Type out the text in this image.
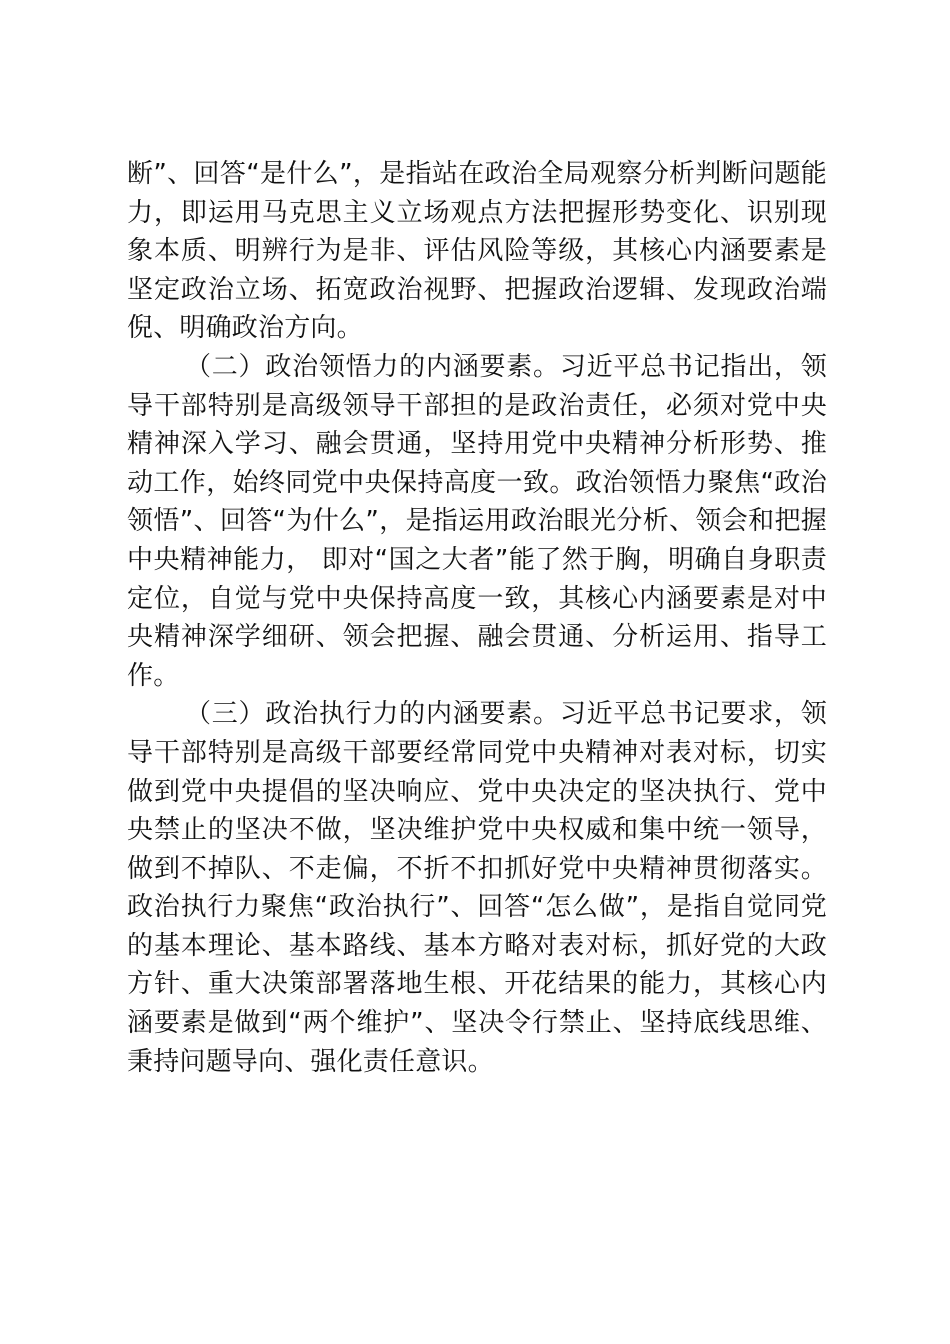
断”、回答“是什么”，是指站在政治全局观察分析判断问题能力，即运用马克思主义立场观点方法把握形势变化、识别现象本质、明辨行为是非、评估风险等级，其核心内涵要素是坚定政治立场、拓宽政治视野、把握政治逻辑、发现政治端倪、明确政治方向。

（二）政治领悟力的内涵要素。习近平总书记指出，领导干部特别是高级领导干部担的是政治责任，必须对党中央精神深入学习、融会贯通，坚持用党中央精神分析形势、推动工作，始终同党中央保持高度一致。政治领悟力聚焦“政治领悟”、回答“为什么”，是指运用政治眼光分析、领会和把握中央精神能力， 即对“国之大者”能了然于胸，明确自身职责定位，自觉与党中央保持高度一致，其核心内涵要素是对中央精神深学细研、领会把握、融会贯通、分析运用、指导工作。

（三）政治执行力的内涵要素。习近平总书记要求，领导干部特别是高级干部要经常同党中央精神对表对标，切实做到党中央提倡的坚决响应、党中央决定的坚决执行、党中央禁止的坚决不做，坚决维护党中央权威和集中统一领导，做到不掉队、不走偏，不折不扣抓好党中央精神贯彻落实。政治执行力聚焦“政治执行”、回答“怎么做”，是指自觉同党的基本理论、基本路线、基本方略对表对标，抓好党的大政方针、重大决策部署落地生根、开花结果的能力，其核心内涵要素是做到“两个维护”、坚决令行禁止、坚持底线思维、秉持问题导向、强化责任意识。
